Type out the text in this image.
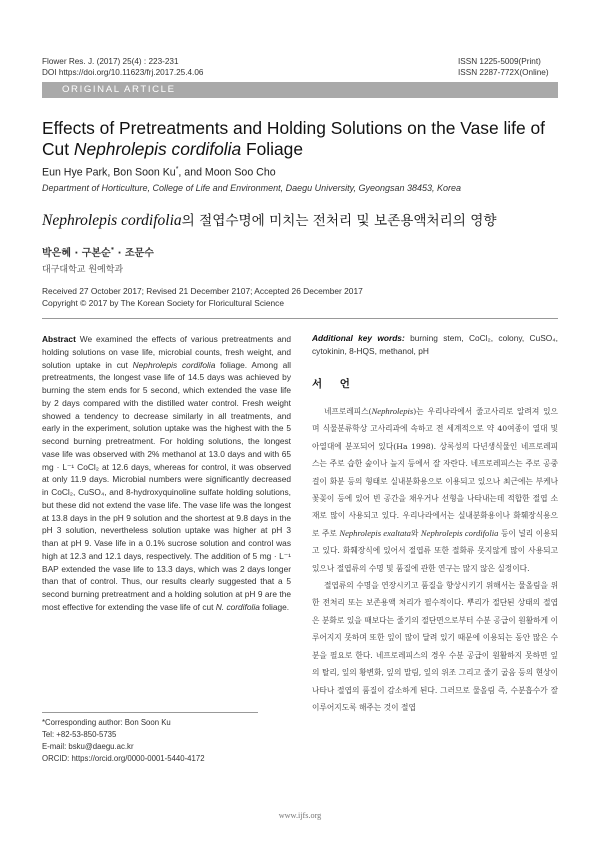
Flower Res. J. (2017) 25(4) : 223-231
DOI https://doi.org/10.11623/frj.2017.25.4.06
ISSN 1225-5009(Print)
ISSN 2287-772X(Online)
ORIGINAL ARTICLE
Effects of Pretreatments and Holding Solutions on the Vase life of Cut Nephrolepis cordifolia Foliage
Eun Hye Park, Bon Soon Ku*, and Moon Soo Cho
Department of Horticulture, College of Life and Environment, Daegu University, Gyeongsan 38453, Korea
Nephrolepis cordifolia의 절엽수명에 미치는 전처리 및 보존용액처리의 영향
박은혜 · 구본순* · 조문수
대구대학교 원예학과
Received 27 October 2017; Revised 21 December 2107; Accepted 26 December 2017
Copyright © 2017 by The Korean Society for Floricultural Science
Abstract We examined the effects of various pretreatments and holding solutions on vase life, microbial counts, fresh weight, and solution uptake in cut Nephrolepis cordifolia foliage. Among all pretreatments, the longest vase life of 14.5 days was achieved by burning the stem ends for 5 second, which extended the vase life by 2 days compared with the distilled water control. Fresh weight showed a tendency to decrease similarly in all treatments, and early in the experiment, solution uptake was the highest with the 5 second burning pretreatment. For holding solutions, the longest vase life was observed with 2% methanol at 13.0 days and with 65 mg · L⁻¹ CoCl₂ at 12.6 days, whereas for control, it was observed at only 11.9 days. Microbial numbers were significantly decreased in CoCl₂, CuSO₄, and 8-hydroxyquinoline sulfate holding solutions, but these did not extend the vase life. The vase life was the longest at 13.8 days in the pH 9 solution and the shortest at 9.8 days in the pH 3 solution, nevertheless solution uptake was higher at pH 3 than at pH 9. Vase life in a 0.1% sucrose solution and control was high at 12.3 and 12.1 days, respectively. The addition of 5 mg · L⁻¹ BAP extended the vase life to 13.3 days, which was 2 days longer than that of control. Thus, our results clearly suggested that a 5 second burning pretreatment and a holding solution at pH 9 are the most effective for extending the vase life of cut N. cordifolia foliage.
*Corresponding author: Bon Soon Ku
Tel: +82-53-850-5735
E-mail: bsku@daegu.ac.kr
ORCID: https://orcid.org/0000-0001-5440-4172
Additional key words: burning stem, CoCl₂, colony, CuSO₄, cytokinin, 8-HQS, methanol, pH
서 언

네프로레피스(Nephrolepis)는 우리나라에서 줄고사리로 알려져 있으며 식물분류학상 고사리과에 속하고 전 세계적으로 약 40여종이 열대 및 아열대에 분포되어 있다(Ha 1998). 상록성의 다년생식물인 네프로레피스는 주로 습한 숲이나 늪지 등에서 잘 자란다. 네프로레피스는 주로 공중걸이 화분 등의 형태로 실내분화용으로 이용되고 있으나 최근에는 부케나 꽃꽂이 등에 있어 빈 공간을 채우거나 선형을 나타내는데 적합한 절엽 소재로 많이 사용되고 있다. 우리나라에서는 실내분화용이나 화훼장식용으로 주로 Nephrolepis exaltata와 Nephrolepis cordifolia 등이 널리 이용되고 있다. 화훼장식에 있어서 절엽류 또한 절화류 못지않게 많이 사용되고 있으나 절엽류의 수명 및 품질에 관한 연구는 많지 않은 실정이다.

절엽류의 수명을 연장시키고 품질을 향상시키기 위해서는 물올림을 위한 전처리 또는 보존용액 처리가 필수적이다. 뿌리가 절단된 상태의 절엽은 분화로 있을 때보다는 줄기의 절단면으로부터 수분 공급이 원활하게 이루어지지 못하며 또한 잎이 많이 달려 있기 때문에 이용되는 동안 많은 수분을 필요로 한다. 네프로레피스의 경우 수분 공급이 원활하지 못하면 잎의 탈리, 잎의 황변화, 잎의 말림, 잎의 위조 그리고 줄기 굽음 등의 현상이 나타나 절엽의 품질이 감소하게 된다. 그러므로 물올림 즉, 수분흡수가 잘 이루어지도록 해주는 것이 절엽

www.ijfs.org
